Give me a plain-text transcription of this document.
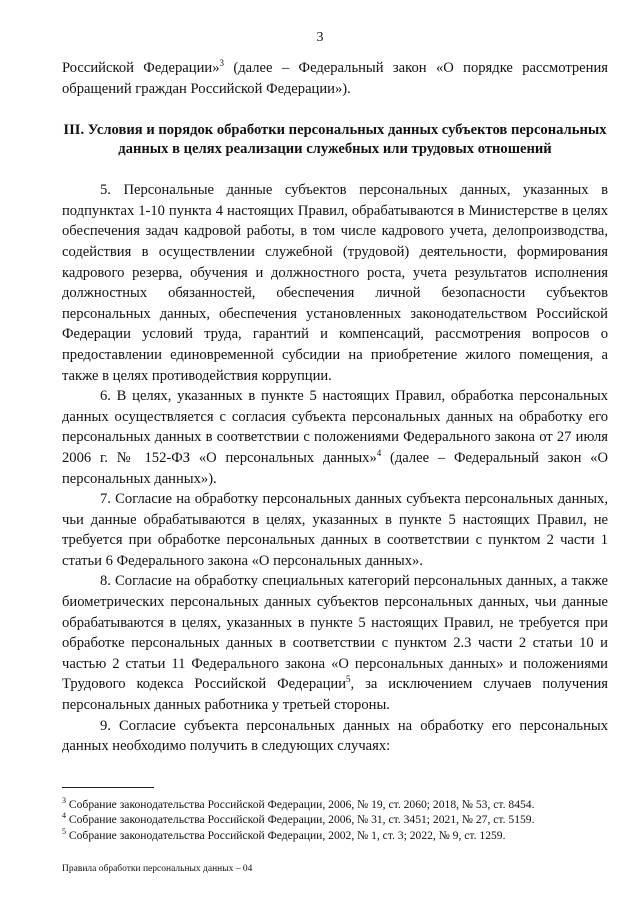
3

Российской Федерации»$^3$ (далее – Федеральный закон «О порядке рассмотрения обращений граждан Российской Федерации»).

III. Условия и порядок обработки персональных данных субъектов персональных данных в целях реализации служебных или трудовых отношений

5. Персональные данные субъектов персональных данных, указанных в подпунктах 1-10 пункта 4 настоящих Правил, обрабатываются в Министерстве в целях обеспечения задач кадровой работы, в том числе кадрового учета, делопроизводства, содействия в осуществлении служебной (трудовой) деятельности, формирования кадрового резерва, обучения и должностного роста, учета результатов исполнения должностных обязанностей, обеспечения личной безопасности субъектов персональных данных, обеспечения установленных законодательством Российской Федерации условий труда, гарантий и компенсаций, рассмотрения вопросов о предоставлении единовременной субсидии на приобретение жилого помещения, а также в целях противодействия коррупции.

6. В целях, указанных в пункте 5 настоящих Правил, обработка персональных данных осуществляется с согласия субъекта персональных данных на обработку его персональных данных в соответствии с положениями Федерального закона от 27 июля 2006 г. № 152-ФЗ «О персональных данных»$^4$ (далее – Федеральный закон «О персональных данных»).

7. Согласие на обработку персональных данных субъекта персональных данных, чьи данные обрабатываются в целях, указанных в пункте 5 настоящих Правил, не требуется при обработке персональных данных в соответствии с пунктом 2 части 1 статьи 6 Федерального закона «О персональных данных».

8. Согласие на обработку специальных категорий персональных данных, а также биометрических персональных данных субъектов персональных данных, чьи данные обрабатываются в целях, указанных в пункте 5 настоящих Правил, не требуется при обработке персональных данных в соответствии с пунктом 2.3 части 2 статьи 10 и частью 2 статьи 11 Федерального закона «О персональных данных» и положениями Трудового кодекса Российской Федерации$^5$, за исключением случаев получения персональных данных работника у третьей стороны.

9. Согласие субъекта персональных данных на обработку его персональных данных необходимо получить в следующих случаях:

$^3$ Собрание законодательства Российской Федерации, 2006, № 19, ст. 2060; 2018, № 53, ст. 8454.
$^4$ Собрание законодательства Российской Федерации, 2006, № 31, ст. 3451; 2021, № 27, ст. 5159.
$^5$ Собрание законодательства Российской Федерации, 2002, № 1, ст. 3; 2022, № 9, ст. 1259.
Правила обработки персональных данных – 04
